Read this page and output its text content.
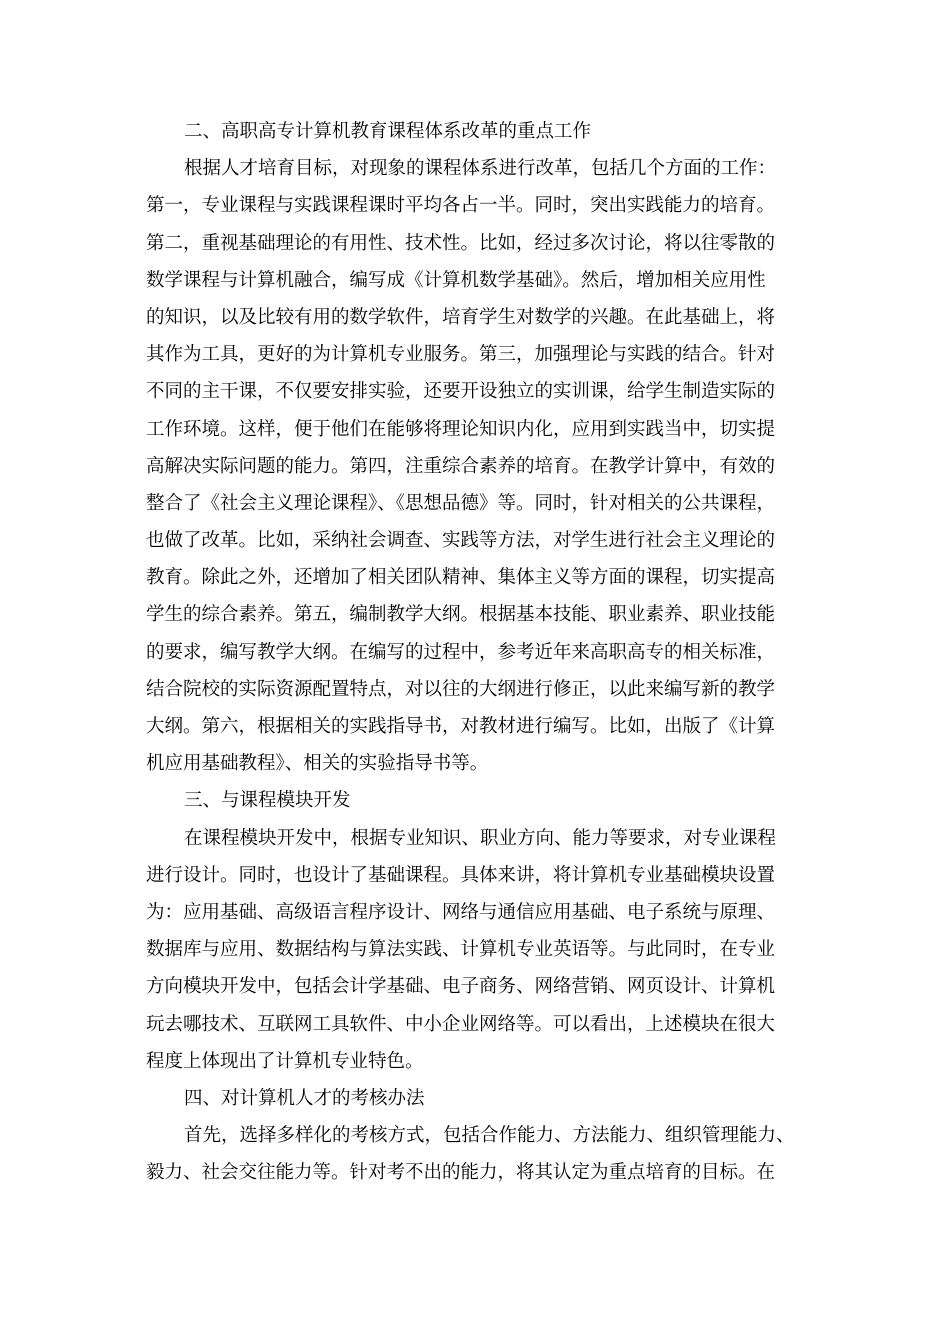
二、高职高专计算机教育课程体系改革的重点工作
根据人才培育目标，对现象的课程体系进行改革，包括几个方面的工作：
第一，专业课程与实践课程课时平均各占一半。同时，突出实践能力的培育。
第二，重视基础理论的有用性、技术性。比如，经过多次讨论，将以往零散的
数学课程与计算机融合，编写成《计算机数学基础》。然后，增加相关应用性
的知识，以及比较有用的数学软件，培育学生对数学的兴趣。在此基础上，将
其作为工具，更好的为计算机专业服务。第三，加强理论与实践的结合。针对
不同的主干课，不仅要安排实验，还要开设独立的实训课，给学生制造实际的
工作环境。这样，便于他们在能够将理论知识内化，应用到实践当中，切实提
高解决实际问题的能力。第四，注重综合素养的培育。在教学计算中，有效的
整合了《社会主义理论课程》、《思想品德》等。同时，针对相关的公共课程，
也做了改革。比如，采纳社会调查、实践等方法，对学生进行社会主义理论的
教育。除此之外，还增加了相关团队精神、集体主义等方面的课程，切实提高
学生的综合素养。第五，编制教学大纲。根据基本技能、职业素养、职业技能
的要求，编写教学大纲。在编写的过程中，参考近年来高职高专的相关标准，
结合院校的实际资源配置特点，对以往的大纲进行修正，以此来编写新的教学
大纲。第六，根据相关的实践指导书，对教材进行编写。比如，出版了《计算
机应用基础教程》、相关的实验指导书等。
三、与课程模块开发
在课程模块开发中，根据专业知识、职业方向、能力等要求，对专业课程
进行设计。同时，也设计了基础课程。具体来讲，将计算机专业基础模块设置
为：应用基础、高级语言程序设计、网络与通信应用基础、电子系统与原理、
数据库与应用、数据结构与算法实践、计算机专业英语等。与此同时，在专业
方向模块开发中，包括会计学基础、电子商务、网络营销、网页设计、计算机
玩去哪技术、互联网工具软件、中小企业网络等。可以看出，上述模块在很大
程度上体现出了计算机专业特色。
四、对计算机人才的考核办法
首先，选择多样化的考核方式，包括合作能力、方法能力、组织管理能力、
毅力、社会交往能力等。针对考不出的能力，将其认定为重点培育的目标。在
